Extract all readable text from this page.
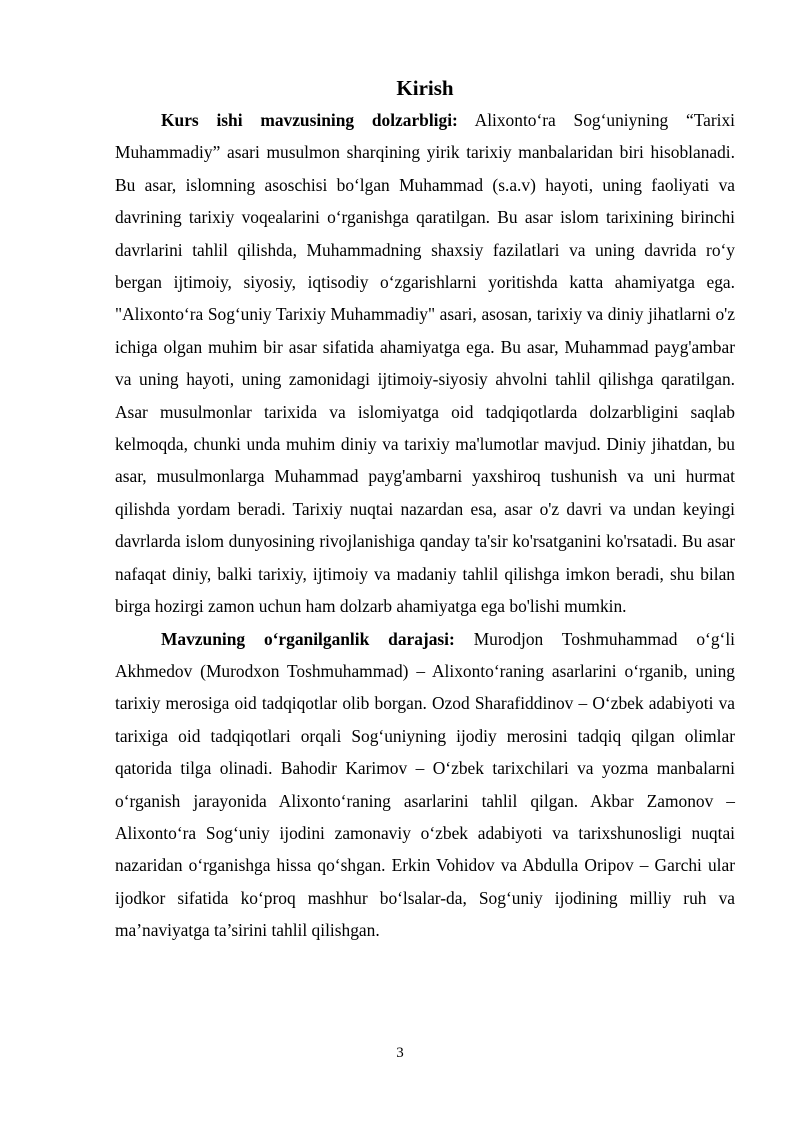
Kirish

Kurs ishi mavzusining dolzarbligi: Alixonto‘ra Sog‘uniyning “Tarixi Muhammadiy” asari musulmon sharqining yirik tarixiy manbalaridan biri hisoblanadi. Bu asar, islomning asoschisi bo‘lgan Muhammad (s.a.v) hayoti, uning faoliyati va davrining tarixiy voqealarini o‘rganishga qaratilgan. Bu asar islom tarixining birinchi davrlarini tahlil qilishda, Muhammadning shaxsiy fazilatlari va uning davrida ro‘y bergan ijtimoiy, siyosiy, iqtisodiy o‘zgarishlarni yoritishda katta ahamiyatga ega. "Alixonto‘ra Sog‘uniy Tarixiy Muhammadiy" asari, asosan, tarixiy va diniy jihatlarni o'z ichiga olgan muhim bir asar sifatida ahamiyatga ega. Bu asar, Muhammad payg'ambar va uning hayoti, uning zamonidagi ijtimoiy-siyosiy ahvolni tahlil qilishga qaratilgan. Asar musulmonlar tarixida va islomiyatga oid tadqiqotlarda dolzarbligini saqlab kelmoqda, chunki unda muhim diniy va tarixiy ma'lumotlar mavjud. Diniy jihatdan, bu asar, musulmonlarga Muhammad payg'ambarni yaxshiroq tushunish va uni hurmat qilishda yordam beradi. Tarixiy nuqtai nazardan esa, asar o'z davri va undan keyingi davrlarda islom dunyosining rivojlanishiga qanday ta'sir ko'rsatganini ko'rsatadi. Bu asar nafaqat diniy, balki tarixiy, ijtimoiy va madaniy tahlil qilishga imkon beradi, shu bilan birga hozirgi zamon uchun ham dolzarb ahamiyatga ega bo'lishi mumkin.

Mavzuning o‘rganilganlik darajasi: Murodjon Toshmuhammad o‘g‘li Akhmedov (Murodxon Toshmuhammad) – Alixonto‘raning asarlarini o‘rganib, uning tarixiy merosiga oid tadqiqotlar olib borgan. Ozod Sharafiddinov – O‘zbek adabiyoti va tarixiga oid tadqiqotlari orqali Sog‘uniyning ijodiy merosini tadqiq qilgan olimlar qatorida tilga olinadi. Bahodir Karimov – O‘zbek tarixchilari va yozma manbalarni o‘rganish jarayonida Alixonto‘raning asarlarini tahlil qilgan. Akbar Zamonov – Alixonto‘ra Sog‘uniy ijodini zamonaviy o‘zbek adabiyoti va tarixshunosligi nuqtai nazaridan o‘rganishga hissa qo‘shgan. Erkin Vohidov va Abdulla Oripov – Garchi ular ijodkor sifatida ko‘proq mashhur bo‘lsalar-da, Sog‘uniy ijodining milliy ruh va ma’naviyatga ta’sirini tahlil qilishgan.

3
